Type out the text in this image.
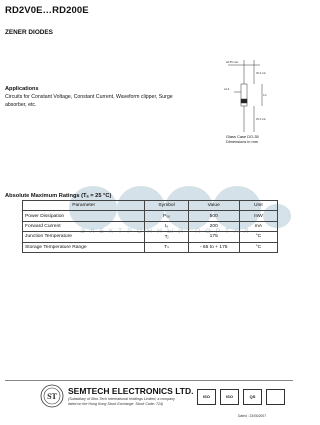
RD2V0E…RD200E
ZENER DIODES
Applications
Circuits for Constant Voltage, Constant Current, Waveform clipper, Surge absorber, etc.
ø0.55 max
25.4 min
4.2
25.4 min
ø1.9
Glass Case DO-35
Dimensions in mm
ЭЛЕКТРОННЫЙ ПОРТАЛ
Absolute Maximum Ratings (Tₐ = 25 °C)
Parameter	Symbol	Value	Unit
Power Dissipation	Pₒₒ	500	mW
Forward Current	Iₒ	200	mA
Junction Temperature	Tⱼ	175	°C
Storage Temperature Range	Tₛ	- 65 to + 175	°C
ST
SEMTECH ELECTRONICS LTD.
(Subsidiary of Sino-Tech International Holdings Limited, a company listed on the Hong Kong Stock Exchange. Stock Code: 724)
ISO	ISO	QS
Dated : 23/06/2007
